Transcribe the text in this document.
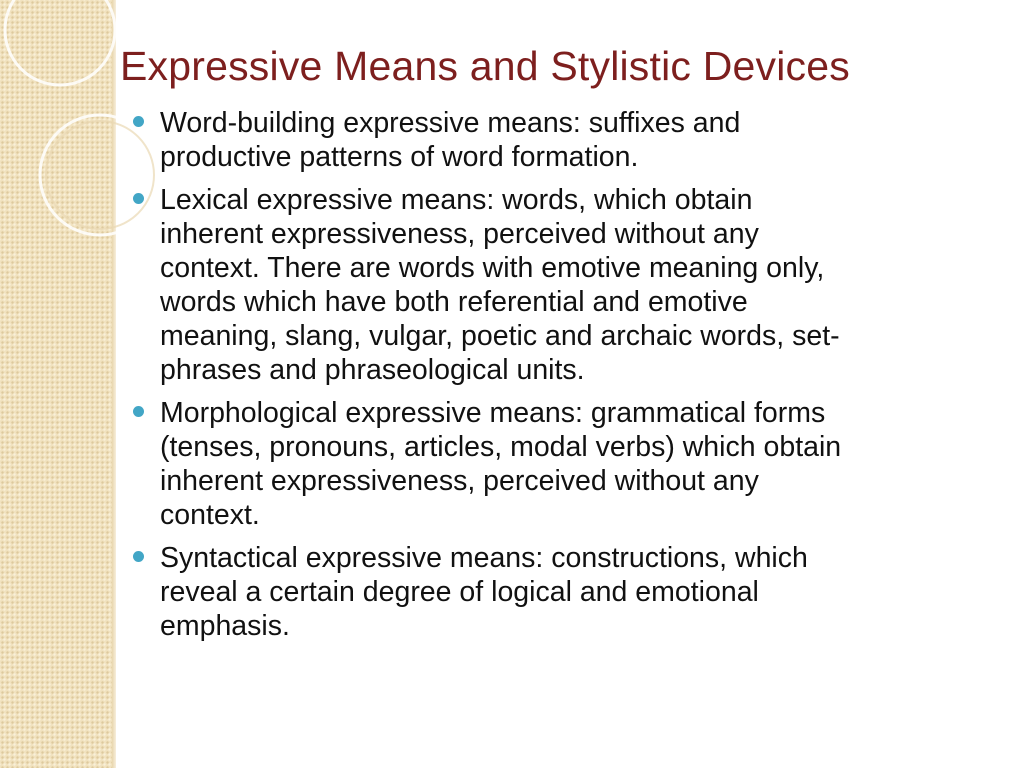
Expressive Means and Stylistic Devices
Word-building expressive means: suffixes and
productive patterns of word formation.
Lexical expressive means: words, which obtain
inherent expressiveness, perceived without any
context. There are words with emotive meaning only,
words which have both referential and emotive
meaning, slang, vulgar, poetic and archaic words, set-
phrases and phraseological units.
Morphological expressive means: grammatical forms
(tenses, pronouns, articles, modal verbs) which obtain
inherent expressiveness, perceived without any
context.
Syntactical expressive means: constructions, which
reveal a certain degree of logical and emotional
emphasis.
